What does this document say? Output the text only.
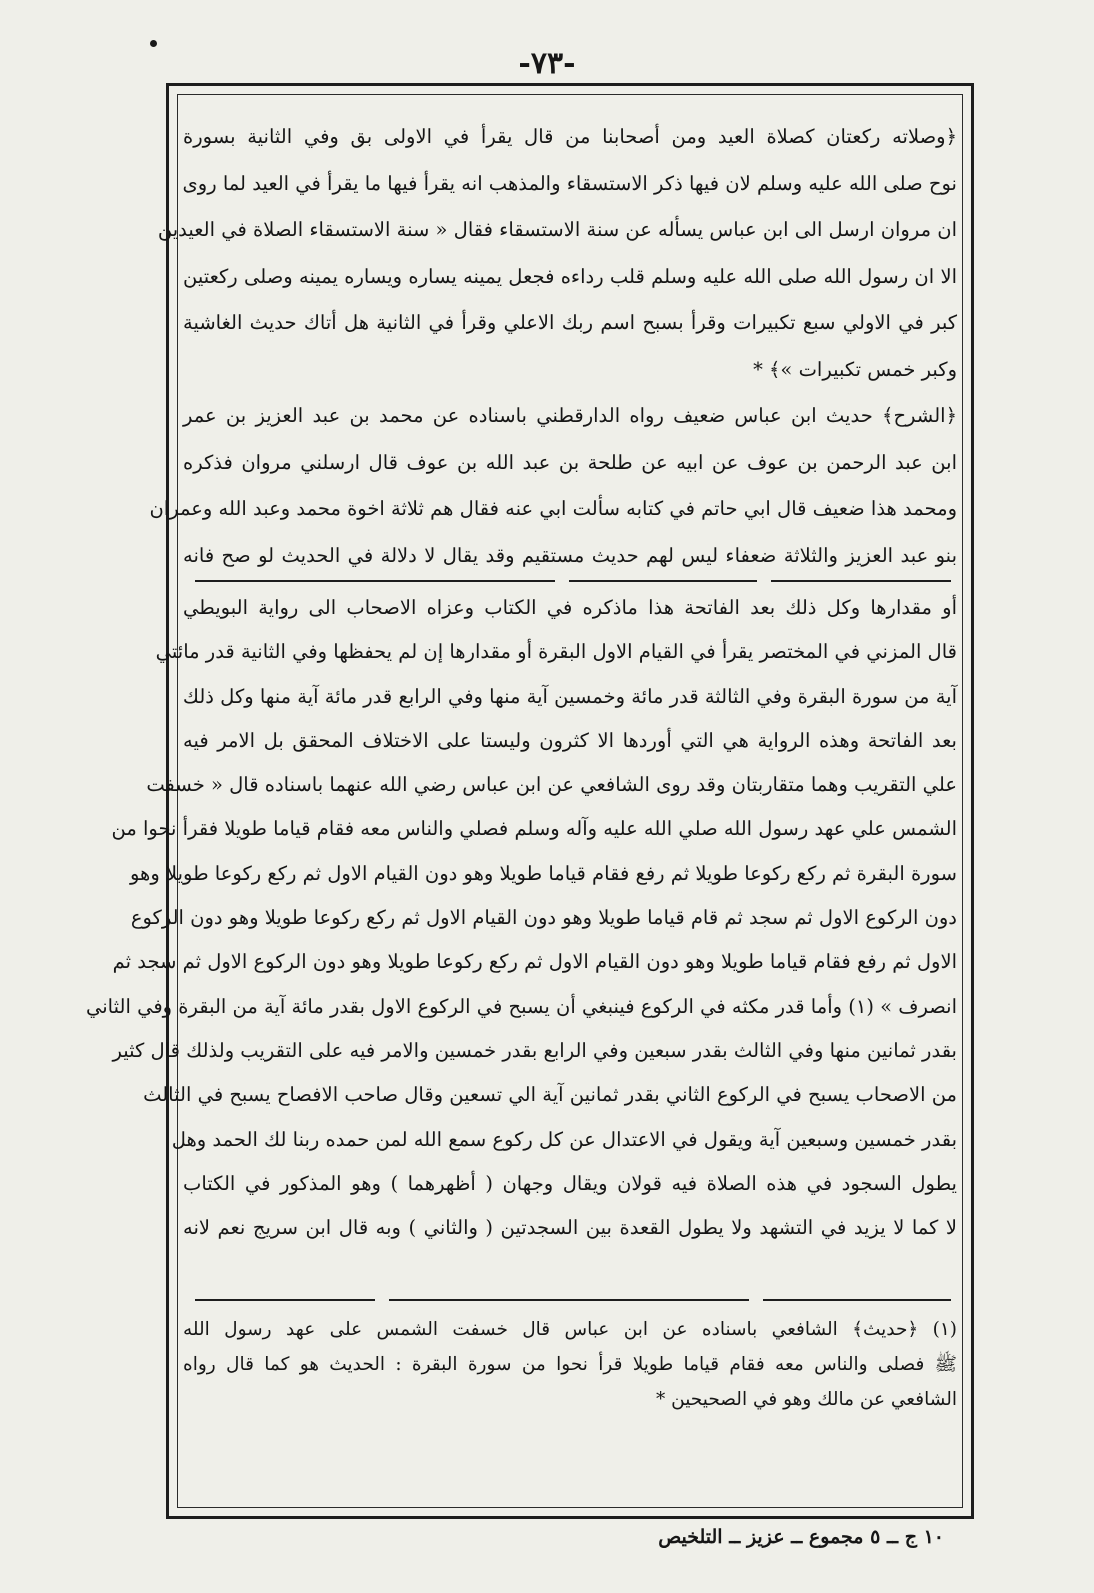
-٧٣-
﴿وصلاته ركعتان كصلاة العيد ومن أصحابنا من قال يقرأ في الاولى بق وفي الثانية بسورة
نوح صلى الله عليه وسلم لان فيها ذكر الاستسقاء والمذهب انه يقرأ فيها ما يقرأ في العيد لما روى
ان مروان ارسل الى ابن عباس يسأله عن سنة الاستسقاء فقال « سنة الاستسقاء الصلاة في العيدين
الا ان رسول الله صلى الله عليه وسلم قلب رداءه فجعل يمينه يساره ويساره يمينه وصلى ركعتين
كبر في الاولي سبع تكبيرات وقرأ بسبح اسم ربك الاعلي وقرأ في الثانية هل أتاك حديث الغاشية
وكبر خمس تكبيرات »﴾ *
﴿الشرح﴾ حديث ابن عباس ضعيف رواه الدارقطني باسناده عن محمد بن عبد العزيز بن عمر
ابن عبد الرحمن بن عوف عن ابيه عن طلحة بن عبد الله بن عوف قال ارسلني مروان فذكره
ومحمد هذا ضعيف قال ابي حاتم في كتابه سألت ابي عنه فقال هم ثلاثة اخوة محمد وعبد الله وعمران
بنو عبد العزيز والثلاثة ضعفاء ليس لهم حديث مستقيم وقد يقال لا دلالة في الحديث لو صح فانه
أو مقدارها وكل ذلك بعد الفاتحة هذا ماذكره في الكتاب وعزاه الاصحاب الى رواية البويطي
قال المزني في المختصر يقرأ في القيام الاول البقرة أو مقدارها إن لم يحفظها وفي الثانية قدر مائتي
آية من سورة البقرة وفي الثالثة قدر مائة وخمسين آية منها وفي الرابع قدر مائة آية منها وكل ذلك
بعد الفاتحة وهذه الرواية هي التي أوردها الا كثرون وليستا على الاختلاف المحقق بل الامر فيه
علي التقريب وهما متقاربتان وقد روى الشافعي عن ابن عباس رضي الله عنهما باسناده قال « خسفت
الشمس علي عهد رسول الله صلي الله عليه وآله وسلم فصلي والناس معه فقام قياما طويلا فقرأ نحوا من
سورة البقرة ثم ركع ركوعا طويلا ثم رفع فقام قياما طويلا وهو دون القيام الاول ثم ركع ركوعا طويلا وهو
دون الركوع الاول ثم سجد ثم قام قياما طويلا وهو دون القيام الاول ثم ركع ركوعا طويلا وهو دون الركوع
الاول ثم رفع فقام قياما طويلا وهو دون القيام الاول ثم ركع ركوعا طويلا وهو دون الركوع الاول ثم سجد ثم
انصرف » (١) وأما قدر مكثه في الركوع فينبغي أن يسبح في الركوع الاول بقدر مائة آية من البقرة وفي الثاني
بقدر ثمانين منها وفي الثالث بقدر سبعين وفي الرابع بقدر خمسين والامر فيه على التقريب ولذلك قال كثير
من الاصحاب يسبح في الركوع الثاني بقدر ثمانين آية الي تسعين وقال صاحب الافصاح يسبح في الثالث
بقدر خمسين وسبعين آية ويقول في الاعتدال عن كل ركوع سمع الله لمن حمده ربنا لك الحمد وهل
يطول السجود في هذه الصلاة فيه قولان ويقال وجهان ( أظهرهما ) وهو المذكور في الكتاب
لا كما لا يزيد في التشهد ولا يطول القعدة بين السجدتين ( والثاني ) وبه قال ابن سريج نعم لانه
(١) ﴿حديث﴾ الشافعي باسناده عن ابن عباس قال خسفت الشمس على عهد رسول الله
ﷺ فصلى والناس معه فقام قياما طويلا قرأ نحوا من سورة البقرة : الحديث هو كما قال رواه
الشافعي عن مالك وهو في الصحيحين *
١٠ ج ــ ٥ مجموع ــ عزيز ــ التلخيص
